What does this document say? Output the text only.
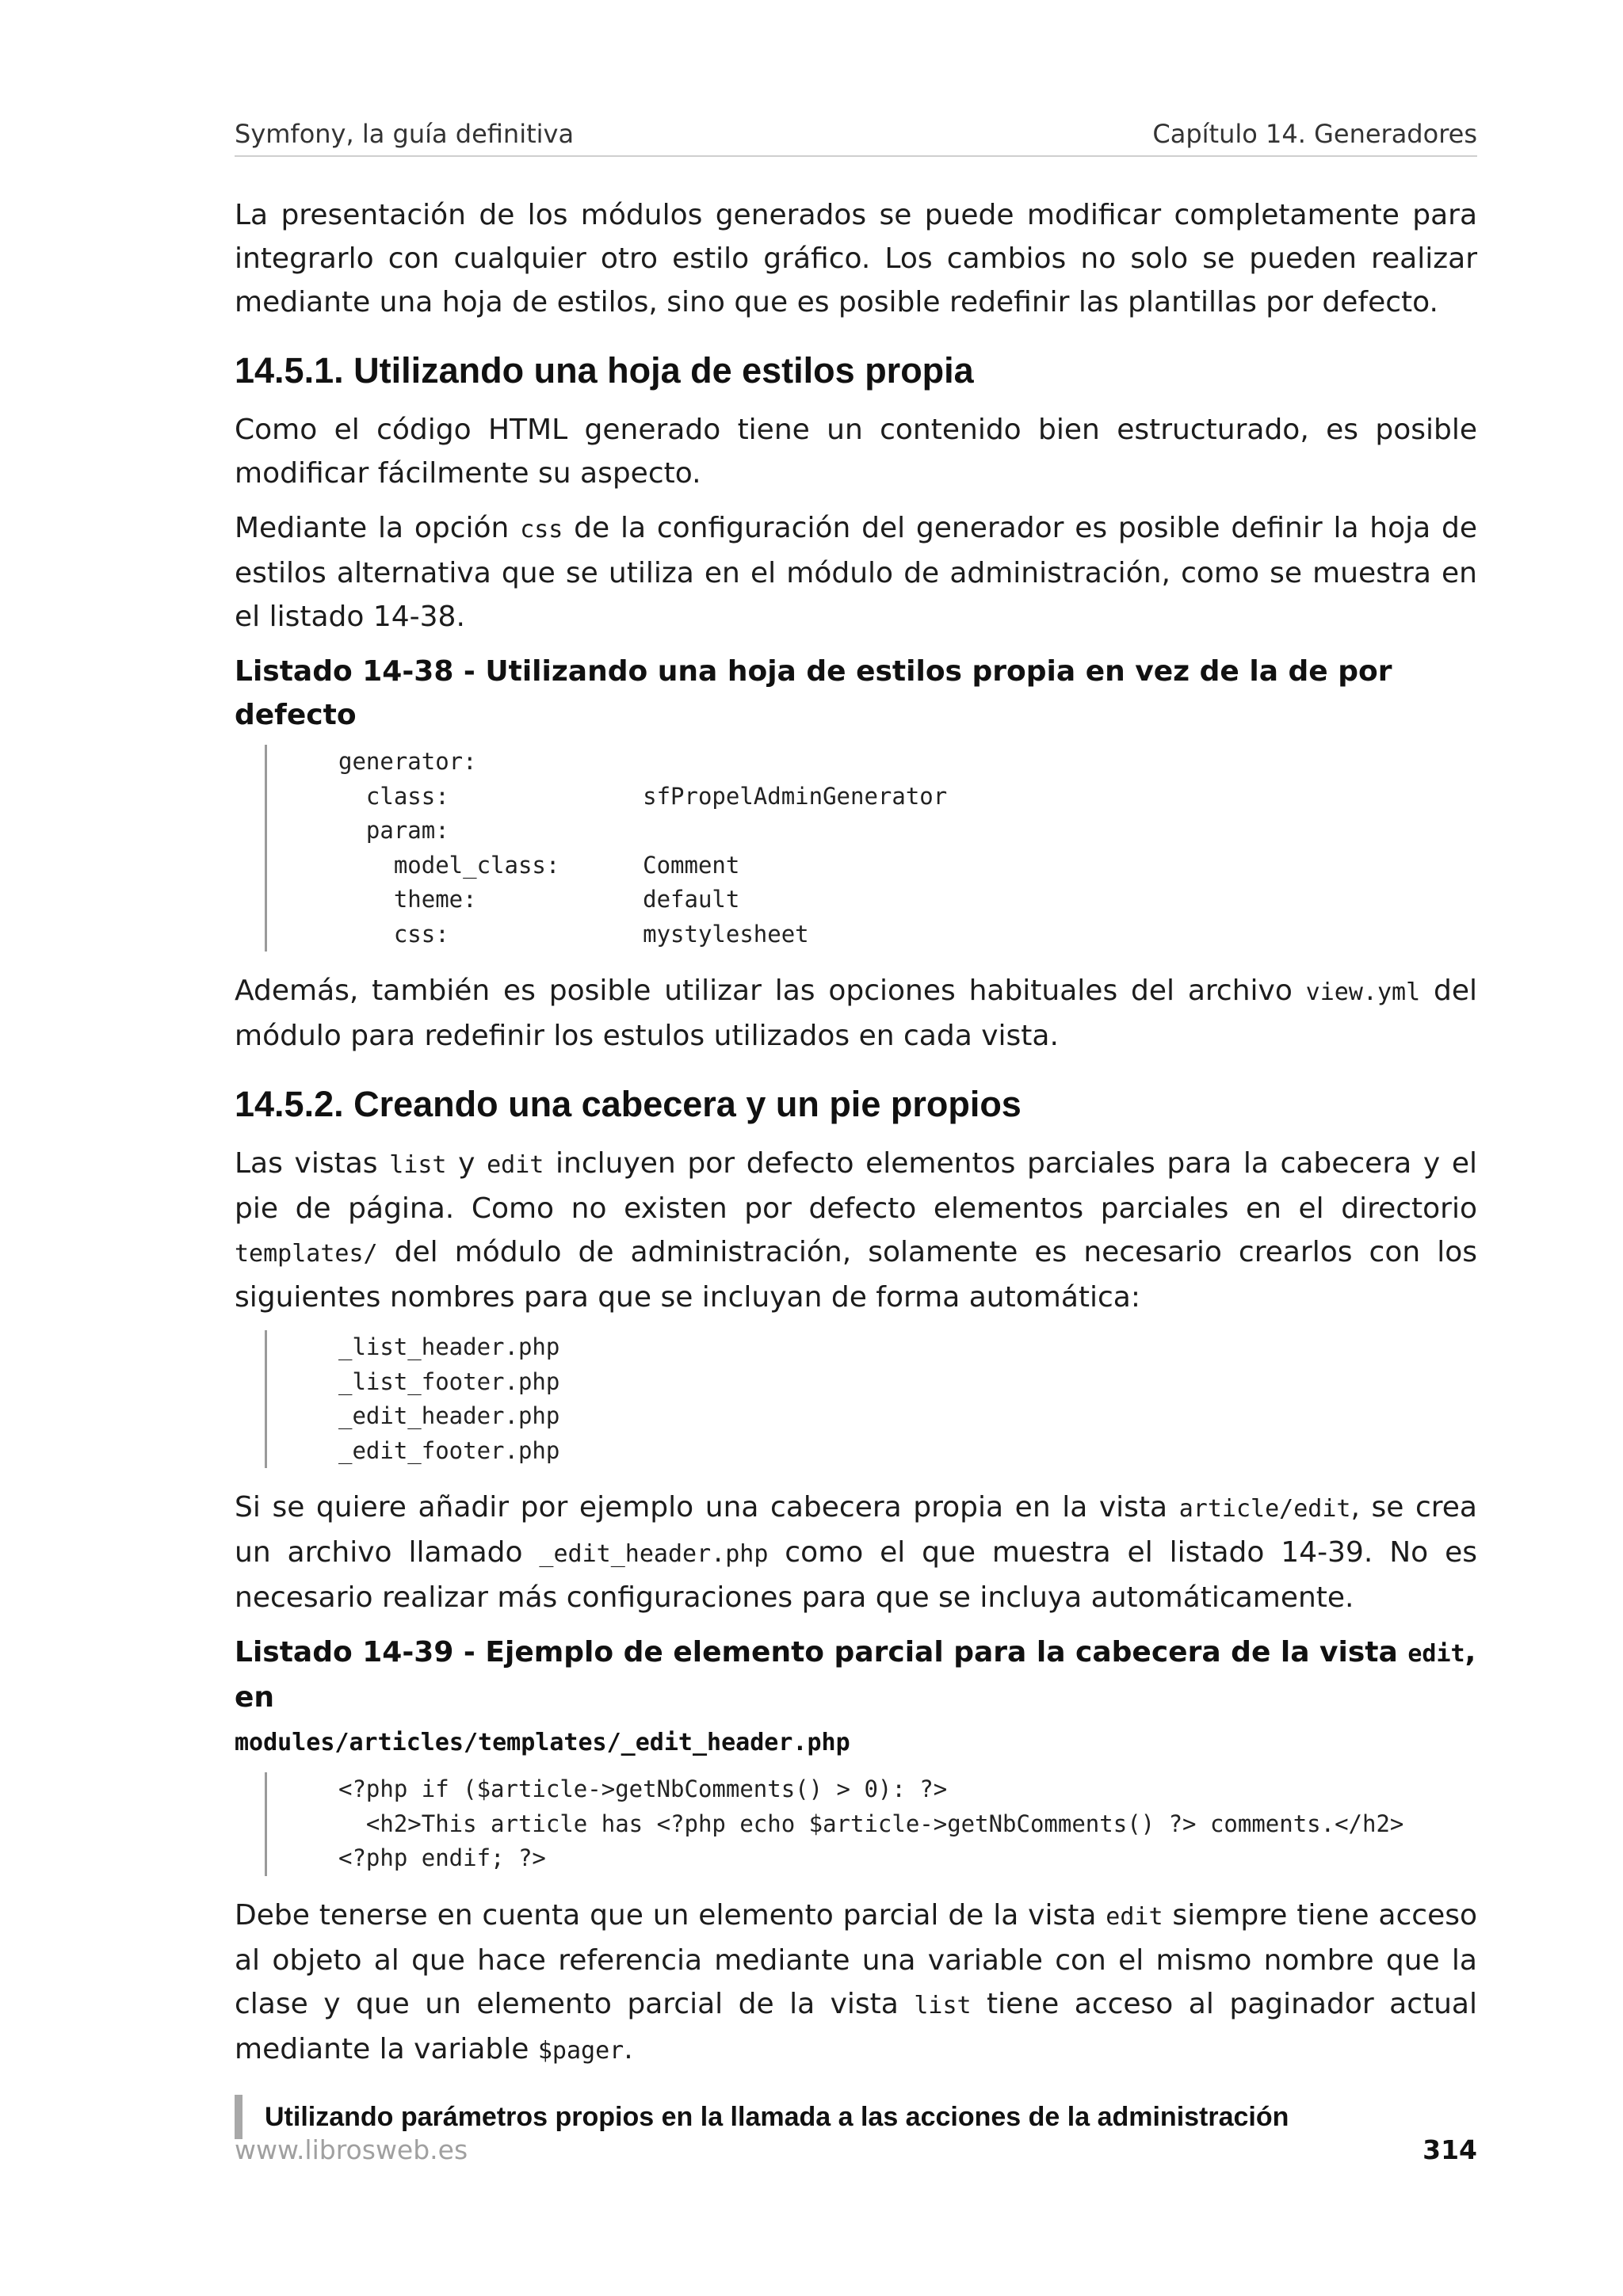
Symfony, la guía definitiva	Capítulo 14. Generadores

La presentación de los módulos generados se puede modificar completamente para integrarlo con cualquier otro estilo gráfico. Los cambios no solo se pueden realizar mediante una hoja de estilos, sino que es posible redefinir las plantillas por defecto.

14.5.1. Utilizando una hoja de estilos propia

Como el código HTML generado tiene un contenido bien estructurado, es posible modificar fácilmente su aspecto.

Mediante la opción css de la configuración del generador es posible definir la hoja de estilos alternativa que se utiliza en el módulo de administración, como se muestra en el listado 14-38.

Listado 14-38 - Utilizando una hoja de estilos propia en vez de la de por defecto
generator:
class:              sfPropelAdminGenerator
param:
model_class:      Comment
theme:            default
css:              mystylesheet

Además, también es posible utilizar las opciones habituales del archivo view.yml del módulo para redefinir los estulos utilizados en cada vista.

14.5.2. Creando una cabecera y un pie propios

Las vistas list y edit incluyen por defecto elementos parciales para la cabecera y el pie de página. Como no existen por defecto elementos parciales en el directorio templates/ del módulo de administración, solamente es necesario crearlos con los siguientes nombres para que se incluyan de forma automática:

_list_header.php
_list_footer.php
_edit_header.php
_edit_footer.php

Si se quiere añadir por ejemplo una cabecera propia en la vista article/edit, se crea un archivo llamado _edit_header.php como el que muestra el listado 14-39. No es necesario realizar más configuraciones para que se incluya automáticamente.

Listado 14-39 - Ejemplo de elemento parcial para la cabecera de la vista edit, en
modules/articles/templates/_edit_header.php
<?php if ($article->getNbComments() > 0): ?>
<h2>This article has <?php echo $article->getNbComments() ?> comments.</h2>
<?php endif; ?>

Debe tenerse en cuenta que un elemento parcial de la vista edit siempre tiene acceso al objeto al que hace referencia mediante una variable con el mismo nombre que la clase y que un elemento parcial de la vista list tiene acceso al paginador actual mediante la variable $pager.

Utilizando parámetros propios en la llamada a las acciones de la administración
www.librosweb.es	314
